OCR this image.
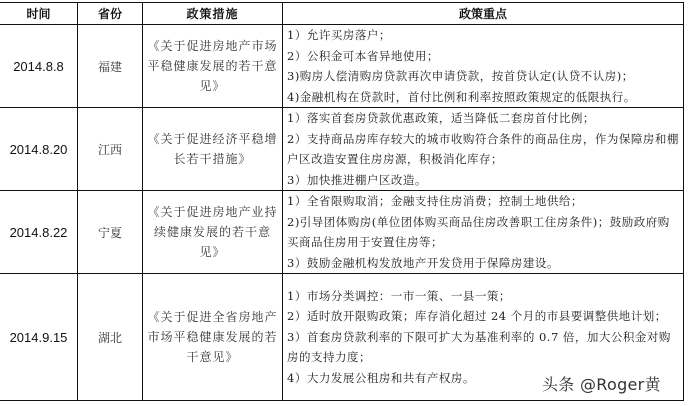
时间	省份	政策措施	政策重点
2014.8.8	福建	《关于促进房地产市场平稳健康发展的若干意见》	1）允许买房落户；
2）公积金可本省异地使用；
3)购房人偿清购房贷款再次申请贷款，按首贷认定(认贷不认房)；
4)金融机构在贷款时，首付比例和利率按照政策规定的低限执行。

2014.8.20	江西	《关于促进经济平稳增长若干措施》	1）落实首套房贷款优惠政策，适当降低二套房首付比例；
2）支持商品房库存较大的城市收购符合条件的商品住房，作为保障房和棚户区改造安置住房房源，积极消化库存；
3）加快推进棚户区改造。

2014.8.22	宁夏	《关于促进房地产业持续健康发展的若干意见》	1）全省限购取消；金融支持住房消费；控制土地供给；
2)引导团体购房(单位团体购买商品住房改善职工住房条件)；鼓励政府购买商品住房用于安置住房等；
3）鼓励金融机构发放地产开发贷用于保障房建设。

2014.9.15	湖北	《关于促进全省房地产市场平稳健康发展的若干意见》	1）市场分类调控：一市一策、一县一策；
2）适时放开限购政策；库存消化超过 24 个月的市县要调整供地计划；
3）首套房贷款利率的下限可扩大为基准利率的 0.7 倍，加大公积金对购房的支持力度；
4）大力发展公租房和共有产权房。	头条 @Roger黄
